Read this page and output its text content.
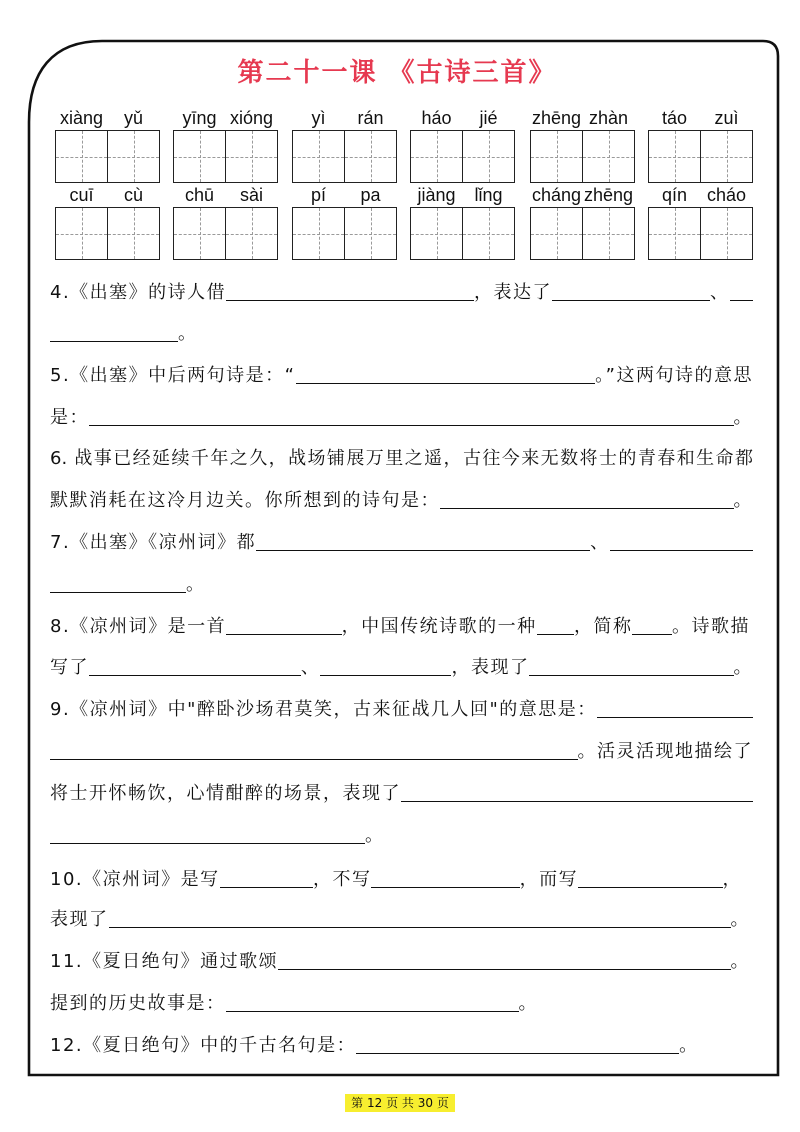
第二十一课 《古诗三首》
xiàng	yǔ	yīng xióng	yì	rán	háo	jié	zhēng zhàn	táo	zuì
cuī	cù	chū	sài	pí	pa	jiàng	lǐng	cháng zhēng	qín	cháo
4.《出塞》的诗人借	，表达了	、
。
5.《出塞》中后两句诗是：“	。”这两句诗的意思
是：	。
6. 战事已经延续千年之久，战场铺展万里之遥，古往今来无数将士的青春和生命都
默默消耗在这冷月边关。你所想到的诗句是：	。
7.《出塞》《凉州词》都	、
。
8.《凉州词》是一首	，中国传统诗歌的一种 ，简称 。诗歌描
写了	、	，表现了	。
9.《凉州词》中"醉卧沙场君莫笑，古来征战几人回"的意思是：
。活灵活现地描绘了
将士开怀畅饮，心情酣醉的场景，表现了
。
10.《凉州词》是写	，不写	，而写	，
表现了	。
11.《夏日绝句》通过歌颂	。
提到的历史故事是：	。
12.《夏日绝句》中的千古名句是：	。
第 12 页 共 30 页
